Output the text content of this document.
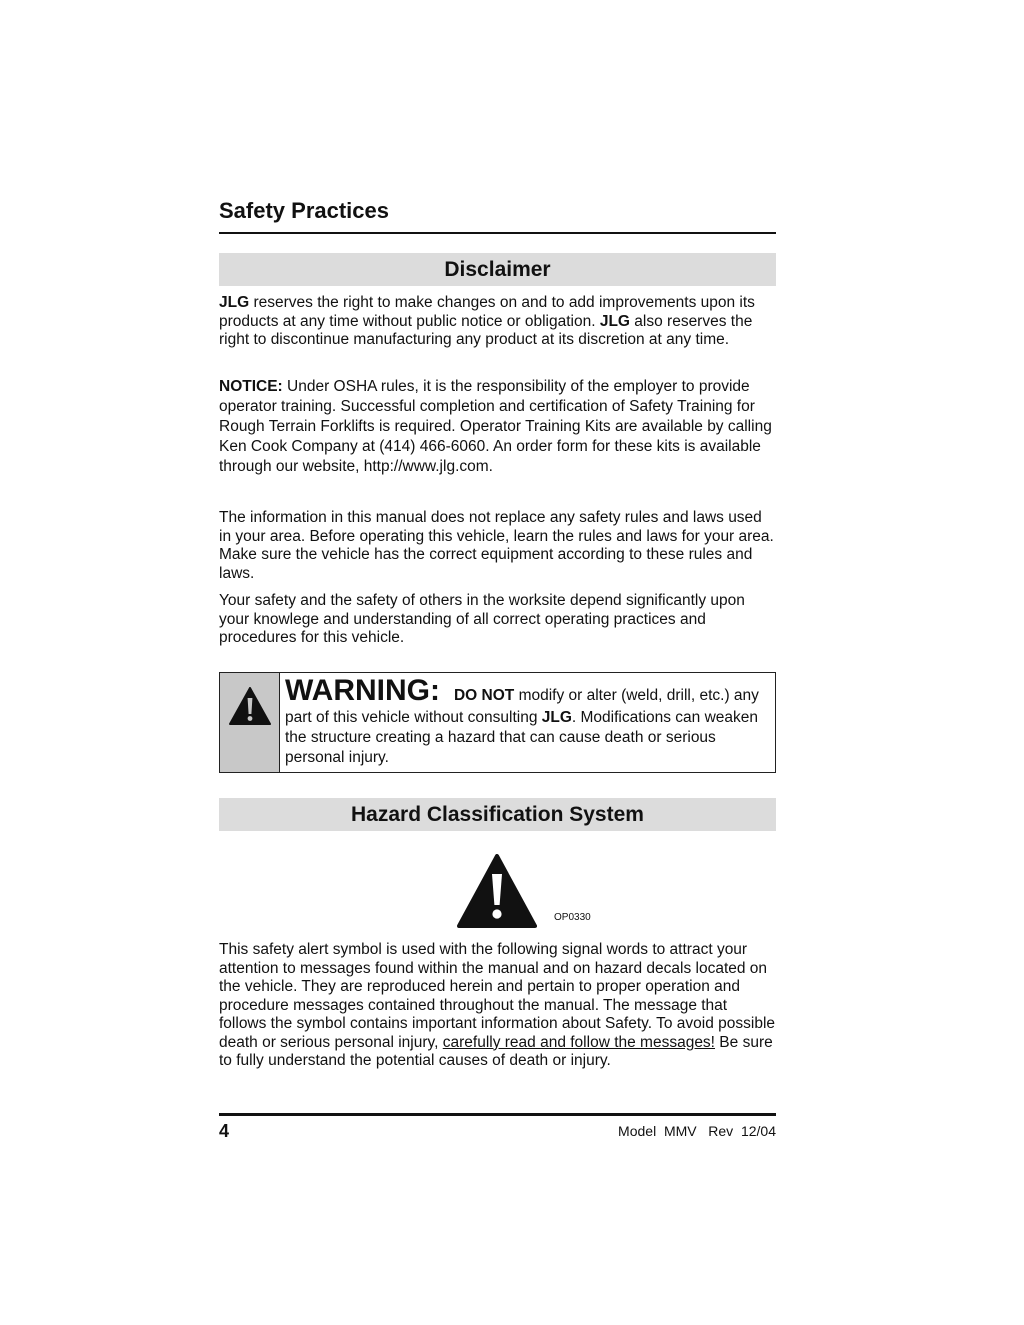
Safety Practices
Disclaimer

JLG reserves the right to make changes on and to add improvements upon its products at any time without public notice or obligation. JLG also reserves the right to discontinue manufacturing any product at its discretion at any time.

NOTICE: Under OSHA rules, it is the responsibility of the employer to provide operator training. Successful completion and certification of Safety Training for Rough Terrain Forklifts is required. Operator Training Kits are available by calling Ken Cook Company at (414) 466-6060. An order form for these kits is available through our website, http://www.jlg.com.

The information in this manual does not replace any safety rules and laws used in your area. Before operating this vehicle, learn the rules and laws for your area. Make sure the vehicle has the correct equipment according to these rules and laws.

Your safety and the safety of others in the worksite depend significantly upon your knowlege and understanding of all correct operating practices and procedures for this vehicle.

WARNING: DO NOT modify or alter (weld, drill, etc.) any part of this vehicle without consulting JLG. Modifications can weaken the structure creating a hazard that can cause death or serious personal injury.
Hazard Classification System
OP0330

This safety alert symbol is used with the following signal words to attract your attention to messages found within the manual and on hazard decals located on the vehicle. They are reproduced herein and pertain to proper operation and procedure messages contained throughout the manual. The message that follows the symbol contains important information about Safety. To avoid possible death or serious personal injury, carefully read and follow the messages! Be sure to fully understand the potential causes of death or injury.

4	Model  MMV   Rev  12/04
